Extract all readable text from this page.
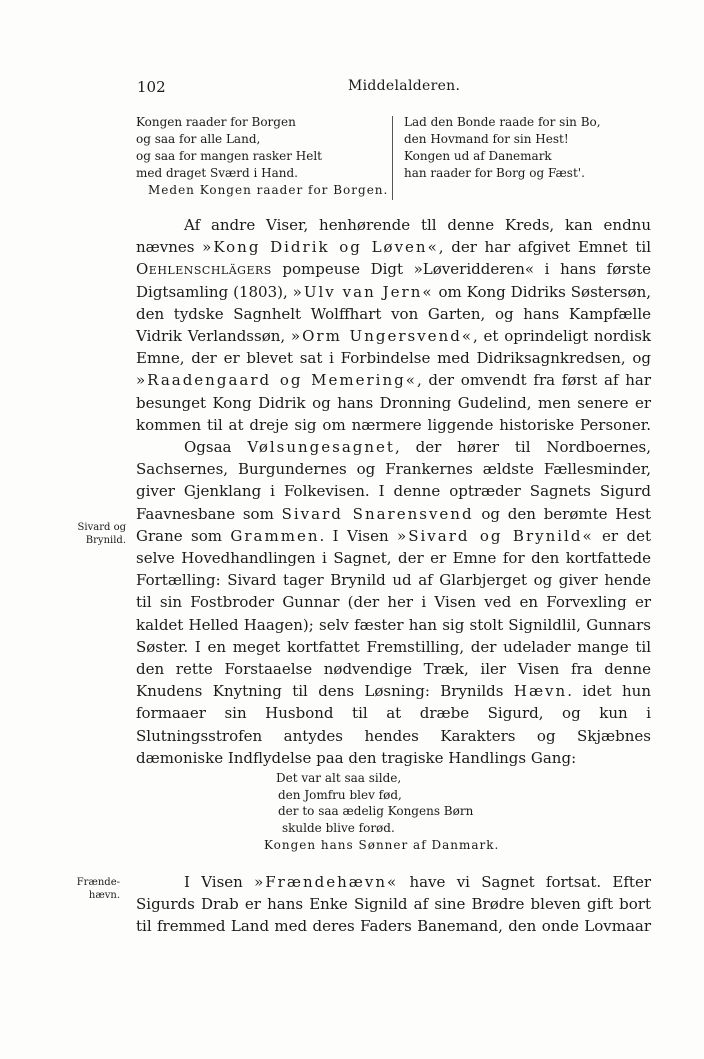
102	Middelalderen.
Kongen raader for Borgen
og saa for alle Land,
og saa for mangen rasker Helt
med draget Sværd i Hand.
Meden Kongen raader for Borgen.
Lad den Bonde raade for sin Bo,
den Hovmand for sin Hest!
Kongen ud af Danemark
han raader for Borg og Fæst'.

Af andre Viser, henhørende tll denne Kreds, kan endnu nævnes »Kong Didrik og Løven«, der har afgivet Emnet til Oehlenschlägers pompeuse Digt »Løveridderen« i hans første Digtsamling (1803), »Ulv van Jern« om Kong Didriks Søstersøn, den tydske Sagnhelt Wolffhart von Garten, og hans Kampfælle Vidrik Verlandssøn, »Orm Ungersvend«, et oprindeligt nordisk Emne, der er blevet sat i Forbindelse med Didriksagnkredsen, og »Raadengaard og Memering«, der omvendt fra først af har besunget Kong Didrik og hans Dronning Gudelind, men senere er kommen til at dreje sig om nærmere liggende historiske Personer.

Ogsaa Vølsungesagnet, der hører til Nordboernes, Sachsernes, Burgundernes og Frankernes ældste Fællesminder, giver Gjenklang i Folkevisen. I denne optræder Sagnets Sigurd Faavnesbane som Sivard Snarensvend og den berømte Hest Grane som Grammen. I Visen »Sivard og Brynild« er det selve Hovedhandlingen i Sagnet, der er Emne for den kortfattede Fortælling: Sivard tager Brynild ud af Glarbjerget og giver hende til sin Fostbroder Gunnar (der her i Visen ved en Forvexling er kaldet Helled Haagen); selv fæster han sig stolt Signildlil, Gunnars Søster. I en meget kortfattet Fremstilling, der udelader mange til den rette Forstaaelse nødvendige Træk, iler Visen fra denne Knudens Knytning til dens Løsning: Brynilds Hævn. idet hun formaaer sin Husbond til at dræbe Sigurd, og kun i Slutningsstrofen antydes hendes Karakters og Skjæbnes dæmoniske Indflydelse paa den tragiske Handlings Gang:

Sivard og
Brynild.
Det var alt saa silde,
den Jomfru blev fød,
der to saa ædelig Kongens Børn
skulde blive forød.
Kongen hans Sønner af Danmark.
Frænde-
hævn.

I Visen »Frændehævn« have vi Sagnet fortsat. Efter Sigurds Drab er hans Enke Signild af sine Brødre bleven gift bort til fremmed Land med deres Faders Banemand, den onde Lovmaar
